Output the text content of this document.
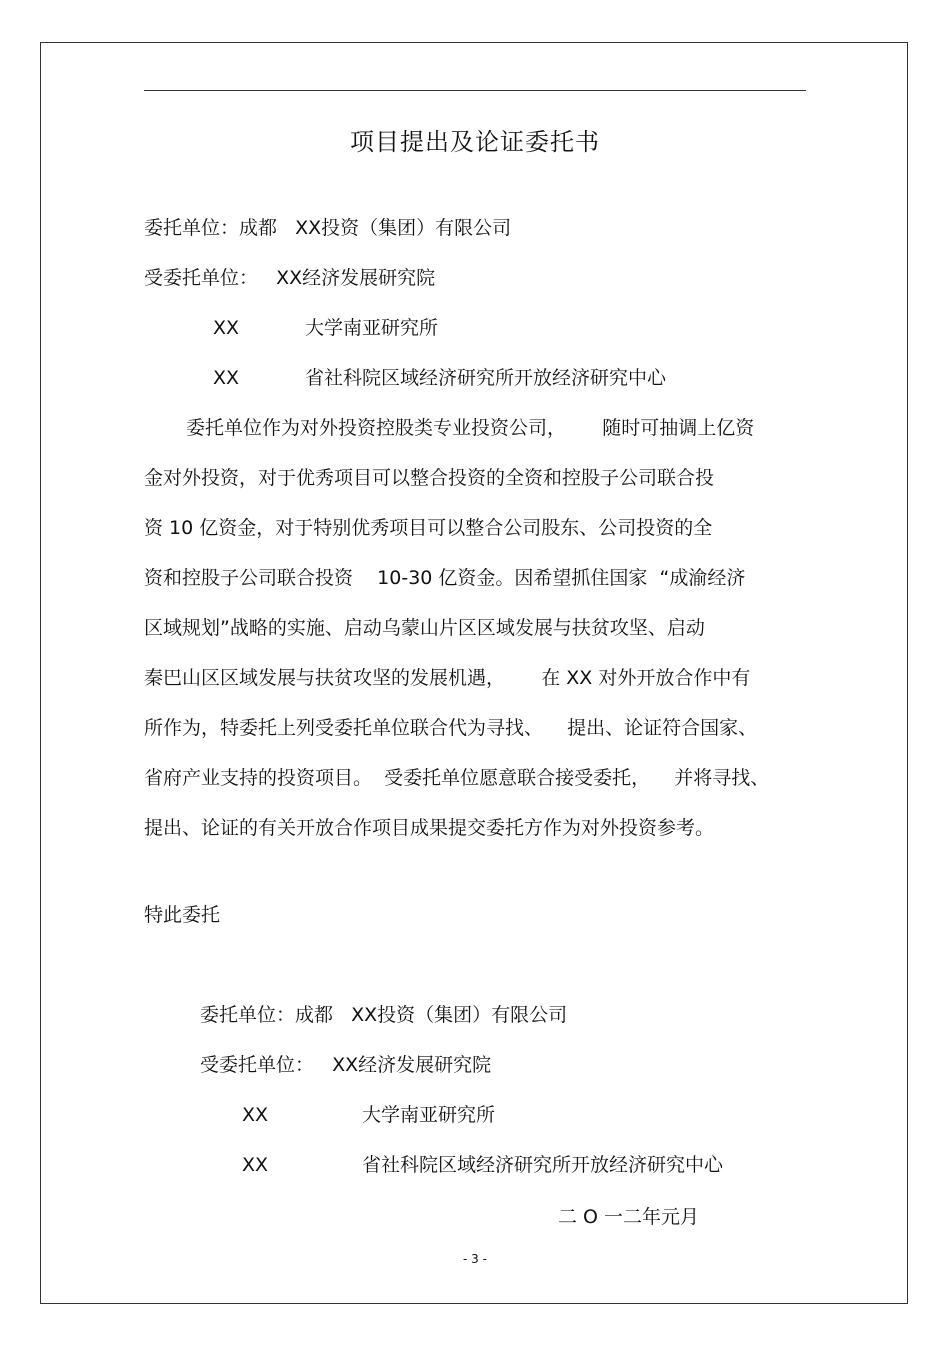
项目提出及论证委托书
委托单位：成都   XX投资（集团）有限公司
受委托单位：   XX经济发展研究院
XX	大学南亚研究所
XX	省社科院区域经济研究所开放经济研究中心
委托单位作为对外投资控股类专业投资公司，      随时可抽调上亿资
金对外投资，对于优秀项目可以整合投资的全资和控股子公司联合投
资 10 亿资金，对于特别优秀项目可以整合公司股东、公司投资的全
资和控股子公司联合投资    10-30 亿资金。因希望抓住国家  “成渝经济
区域规划”战略的实施、启动乌蒙山片区区域发展与扶贫攻坚、启动
秦巴山区区域发展与扶贫攻坚的发展机遇，      在 XX 对外开放合作中有
所作为，特委托上列受委托单位联合代为寻找、    提出、论证符合国家、
省府产业支持的投资项目。  受委托单位愿意联合接受委托，    并将寻找、
提出、论证的有关开放合作项目成果提交委托方作为对外投资参考。
特此委托
委托单位：成都   XX投资（集团）有限公司
受委托单位：   XX经济发展研究院
XX	大学南亚研究所
XX	省社科院区域经济研究所开放经济研究中心
二 O 一二年元月
- 3 -
